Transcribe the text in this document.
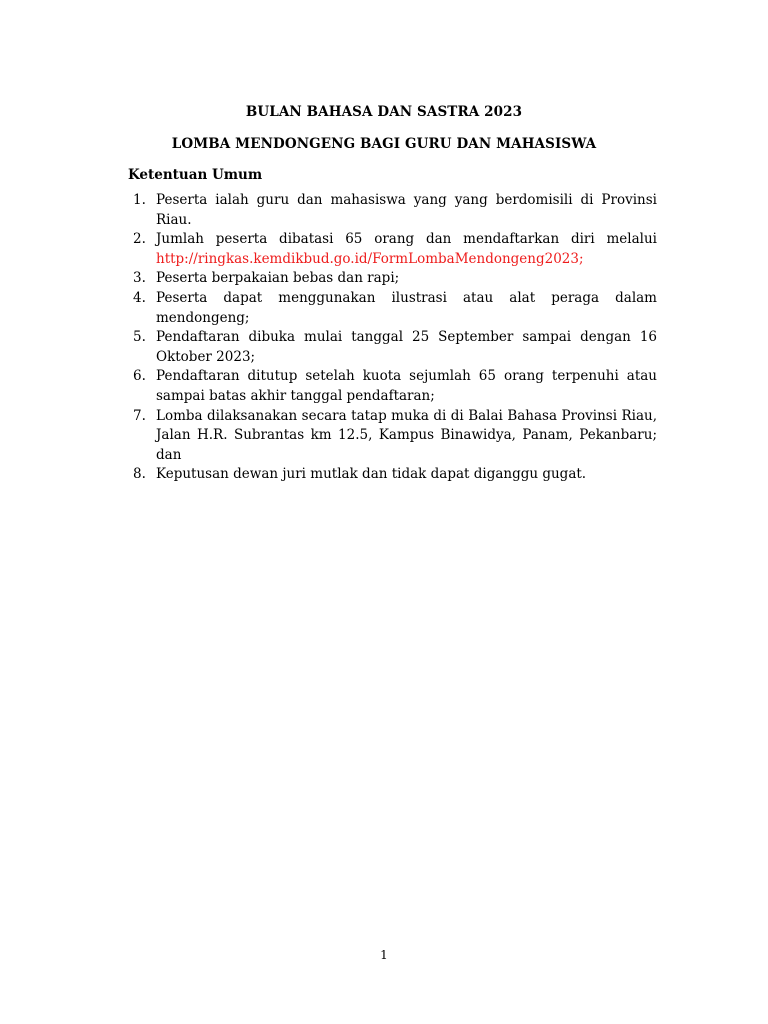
BULAN BAHASA DAN SASTRA 2023
LOMBA MENDONGENG BAGI GURU DAN MAHASISWA
Ketentuan Umum
1. Peserta ialah guru dan mahasiswa yang yang berdomisili di Provinsi Riau.
2. Jumlah peserta dibatasi 65 orang dan mendaftarkan diri melalui http://ringkas.kemdikbud.go.id/FormLombaMendongeng2023;
3. Peserta berpakaian bebas dan rapi;
4. Peserta dapat menggunakan ilustrasi atau alat peraga dalam mendongeng;
5. Pendaftaran dibuka mulai tanggal 25 September sampai dengan 16 Oktober 2023;
6. Pendaftaran ditutup setelah kuota sejumlah 65 orang terpenuhi atau sampai batas akhir tanggal pendaftaran;
7. Lomba dilaksanakan secara tatap muka di di Balai Bahasa Provinsi Riau, Jalan H.R. Subrantas km 12.5, Kampus Binawidya, Panam, Pekanbaru; dan
8. Keputusan dewan juri mutlak dan tidak dapat diganggu gugat.
1
